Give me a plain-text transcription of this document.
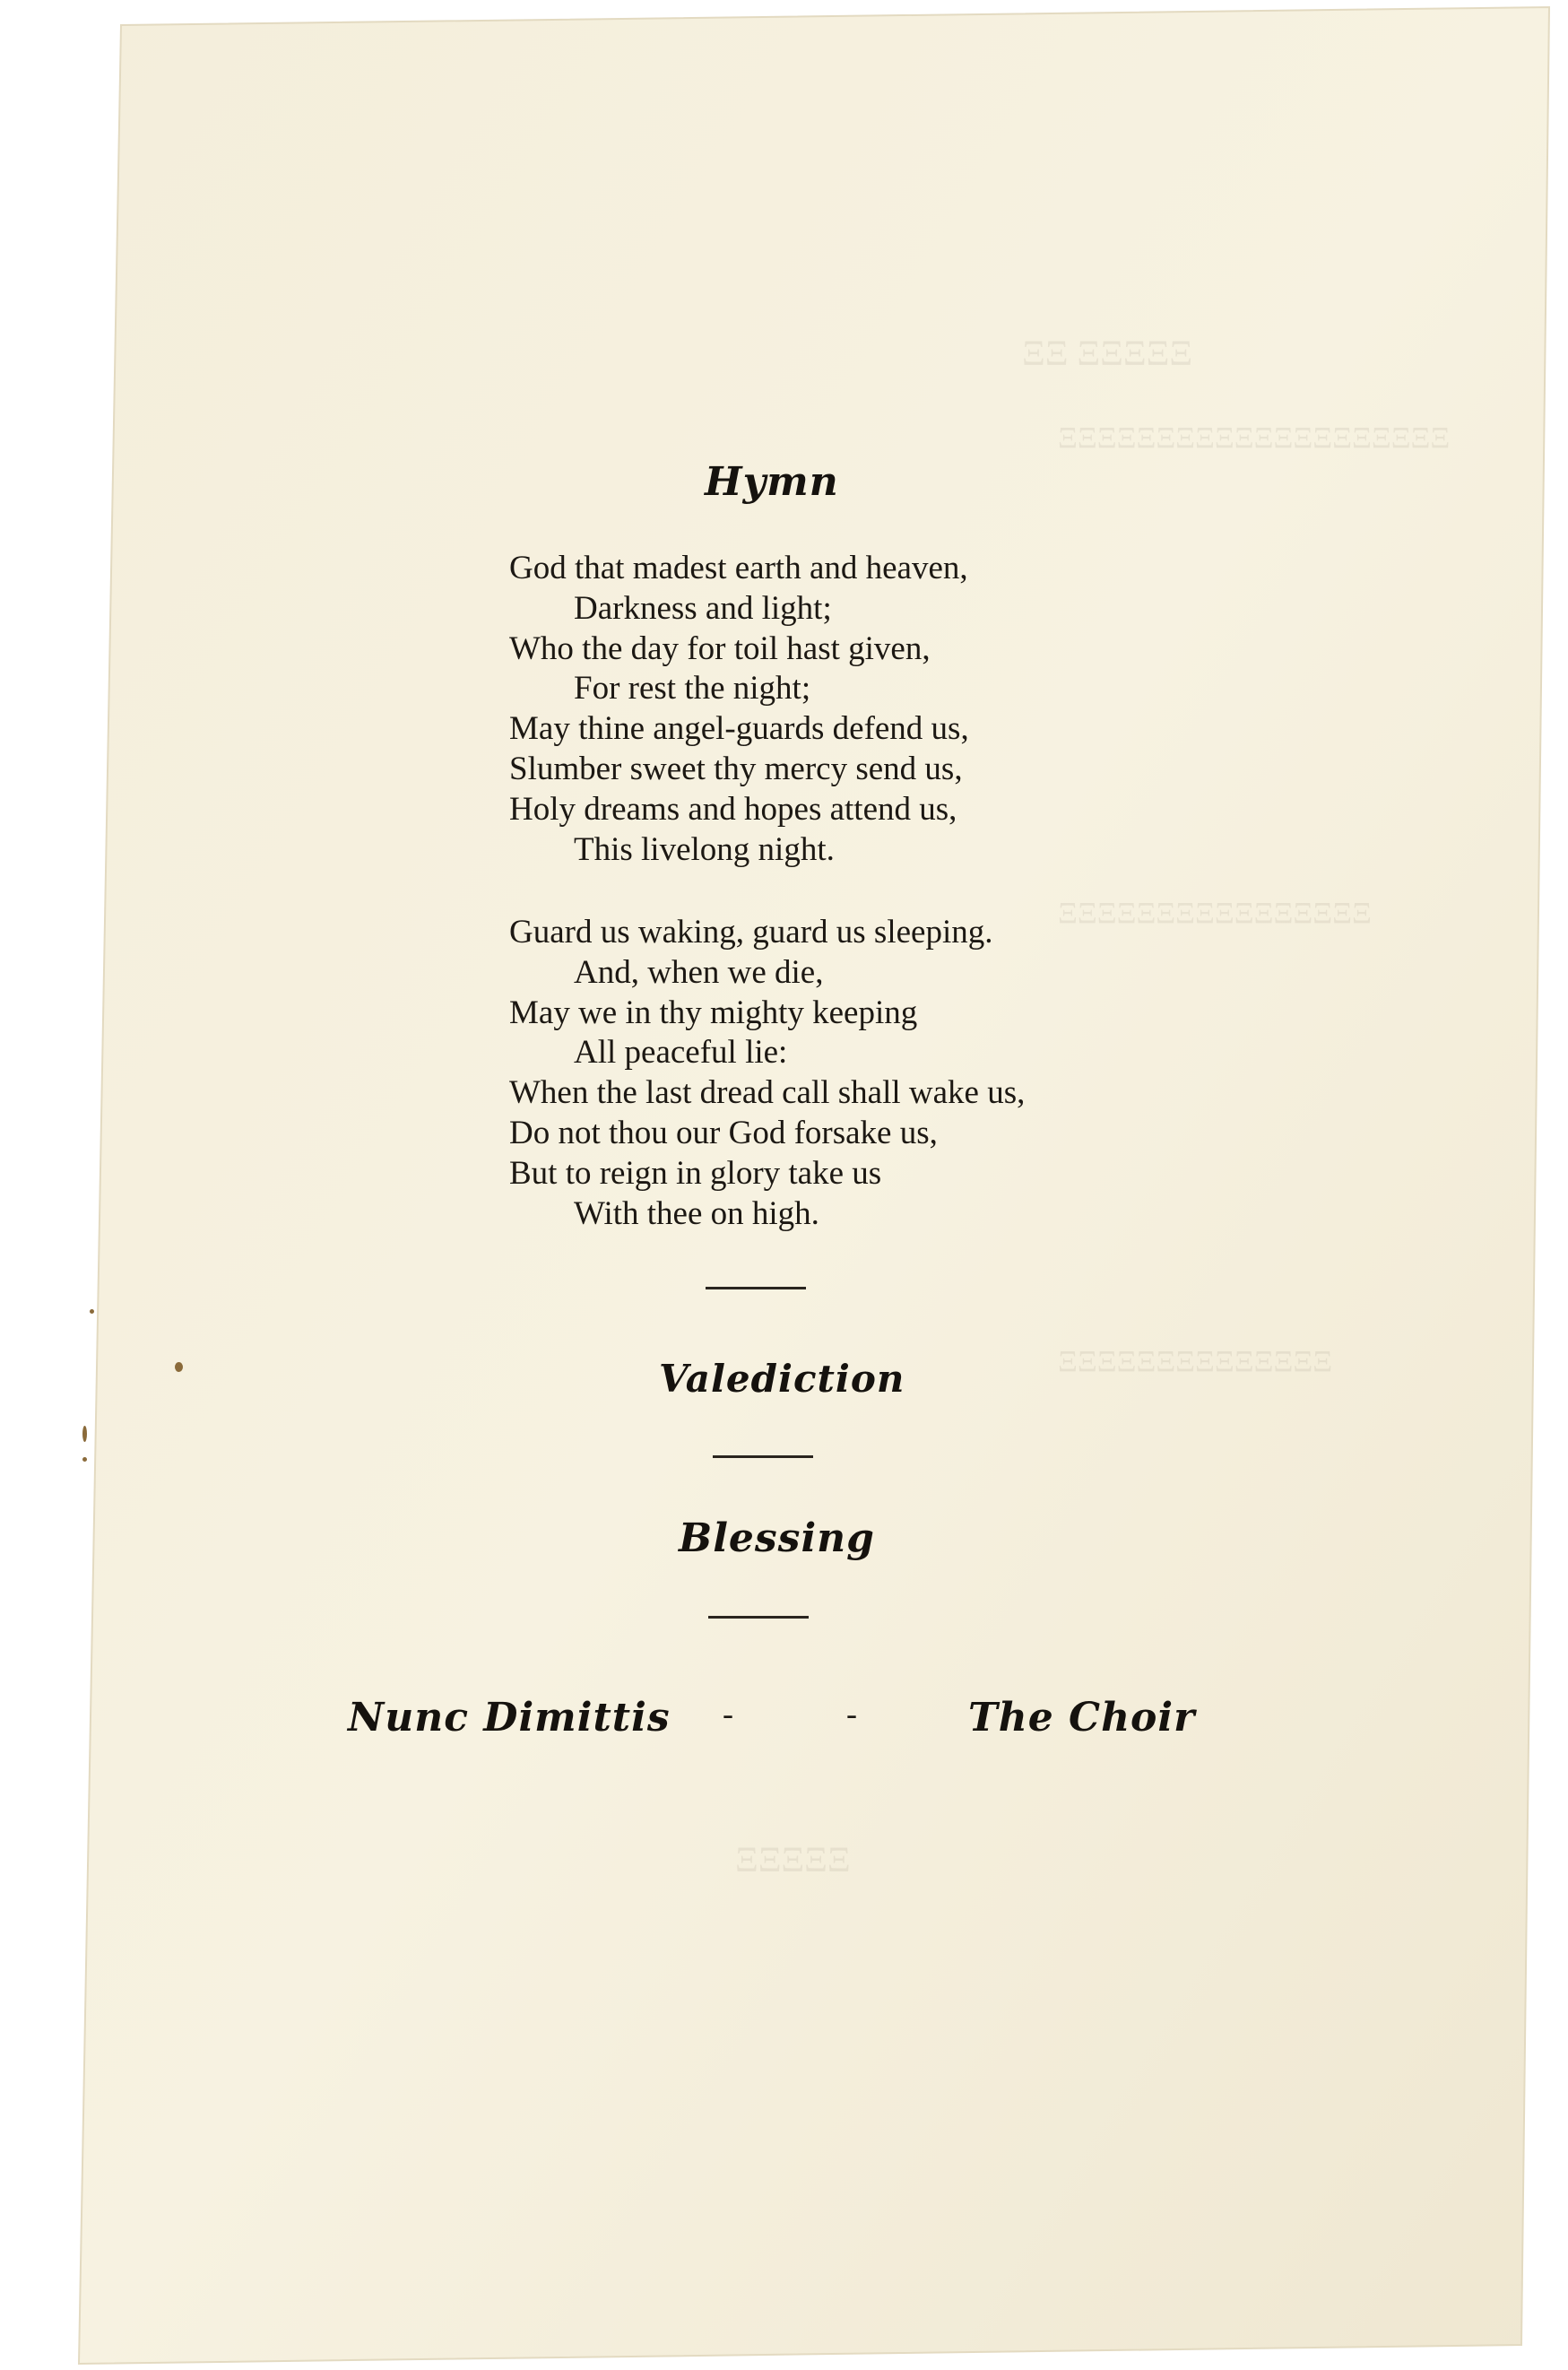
ΞΞΞΞΞ ΞΞ
ΞΞΞΞΞΞΞΞΞΞΞΞΞΞΞΞΞΞΞΞ
ΞΞΞΞΞΞΞΞΞΞΞΞΞΞΞΞ
ΞΞΞΞΞΞΞΞΞΞΞΞΞΞ
ΞΞΞΞΞ
Hymn
God that madest earth and heaven,
Darkness and light;
Who the day for toil hast given,
For rest the night;
May thine angel-guards defend us,
Slumber sweet thy mercy send us,
Holy dreams and hopes attend us,
This livelong night.
Guard us waking, guard us sleeping.
And, when we die,
May we in thy mighty keeping
All peaceful lie:
When the last dread call shall wake us,
Do not thou our God forsake us,
But to reign in glory take us
With thee on high.
Valediction
Blessing
Nunc Dimittis -	-	The Choir
